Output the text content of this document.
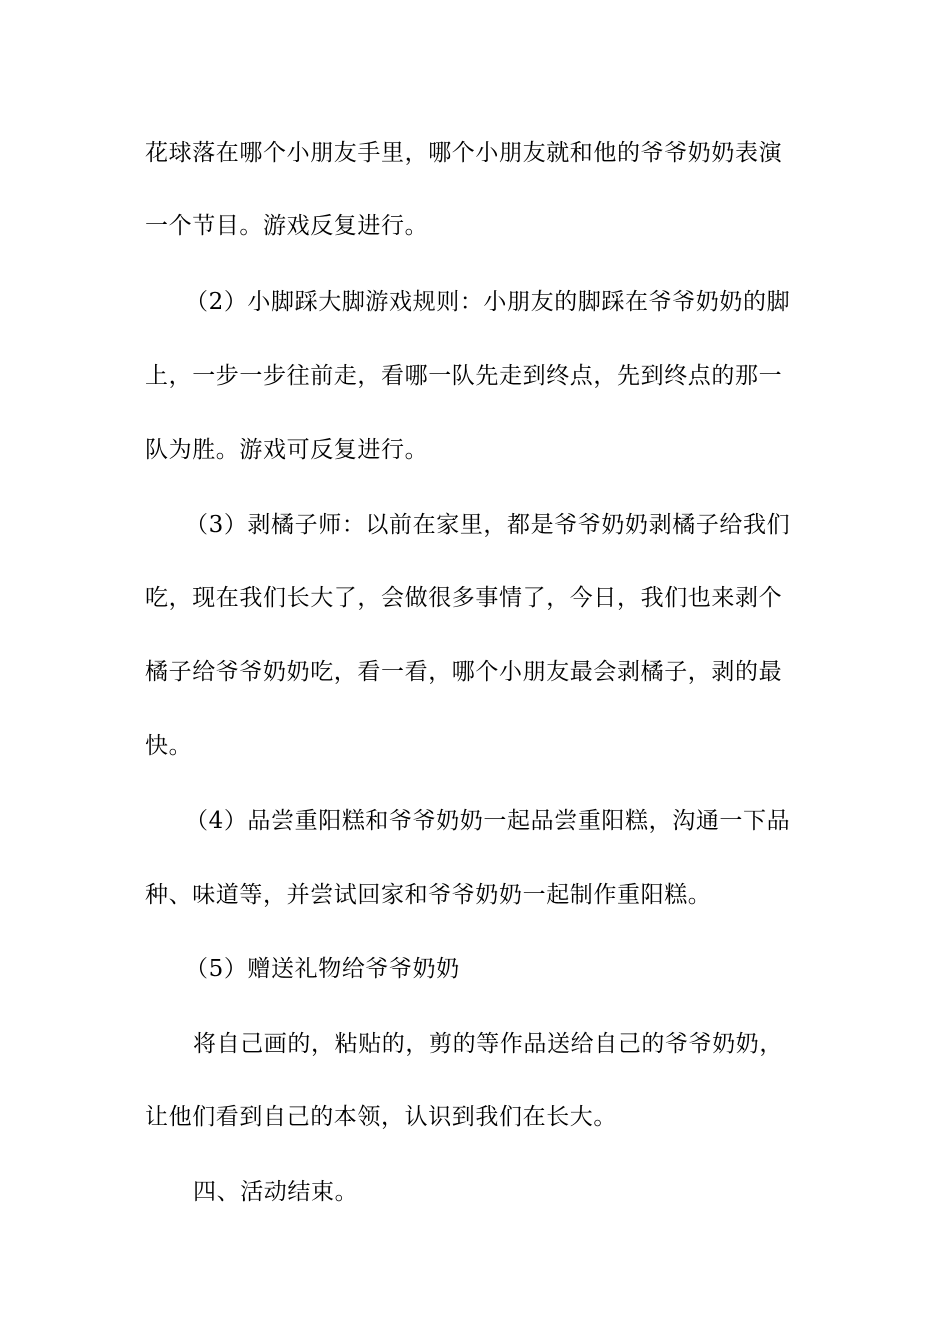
花球落在哪个小朋友手里，哪个小朋友就和他的爷爷奶奶表演
一个节目。游戏反复进行。
（2）小脚踩大脚游戏规则：小朋友的脚踩在爷爷奶奶的脚
上，一步一步往前走，看哪一队先走到终点，先到终点的那一
队为胜。游戏可反复进行。
（3）剥橘子师：以前在家里，都是爷爷奶奶剥橘子给我们
吃，现在我们长大了，会做很多事情了，今日，我们也来剥个
橘子给爷爷奶奶吃，看一看，哪个小朋友最会剥橘子，剥的最
快。
（4）品尝重阳糕和爷爷奶奶一起品尝重阳糕，沟通一下品
种、味道等，并尝试回家和爷爷奶奶一起制作重阳糕。
（5）赠送礼物给爷爷奶奶
将自己画的，粘贴的，剪的等作品送给自己的爷爷奶奶，
让他们看到自己的本领，认识到我们在长大。
四、活动结束。
